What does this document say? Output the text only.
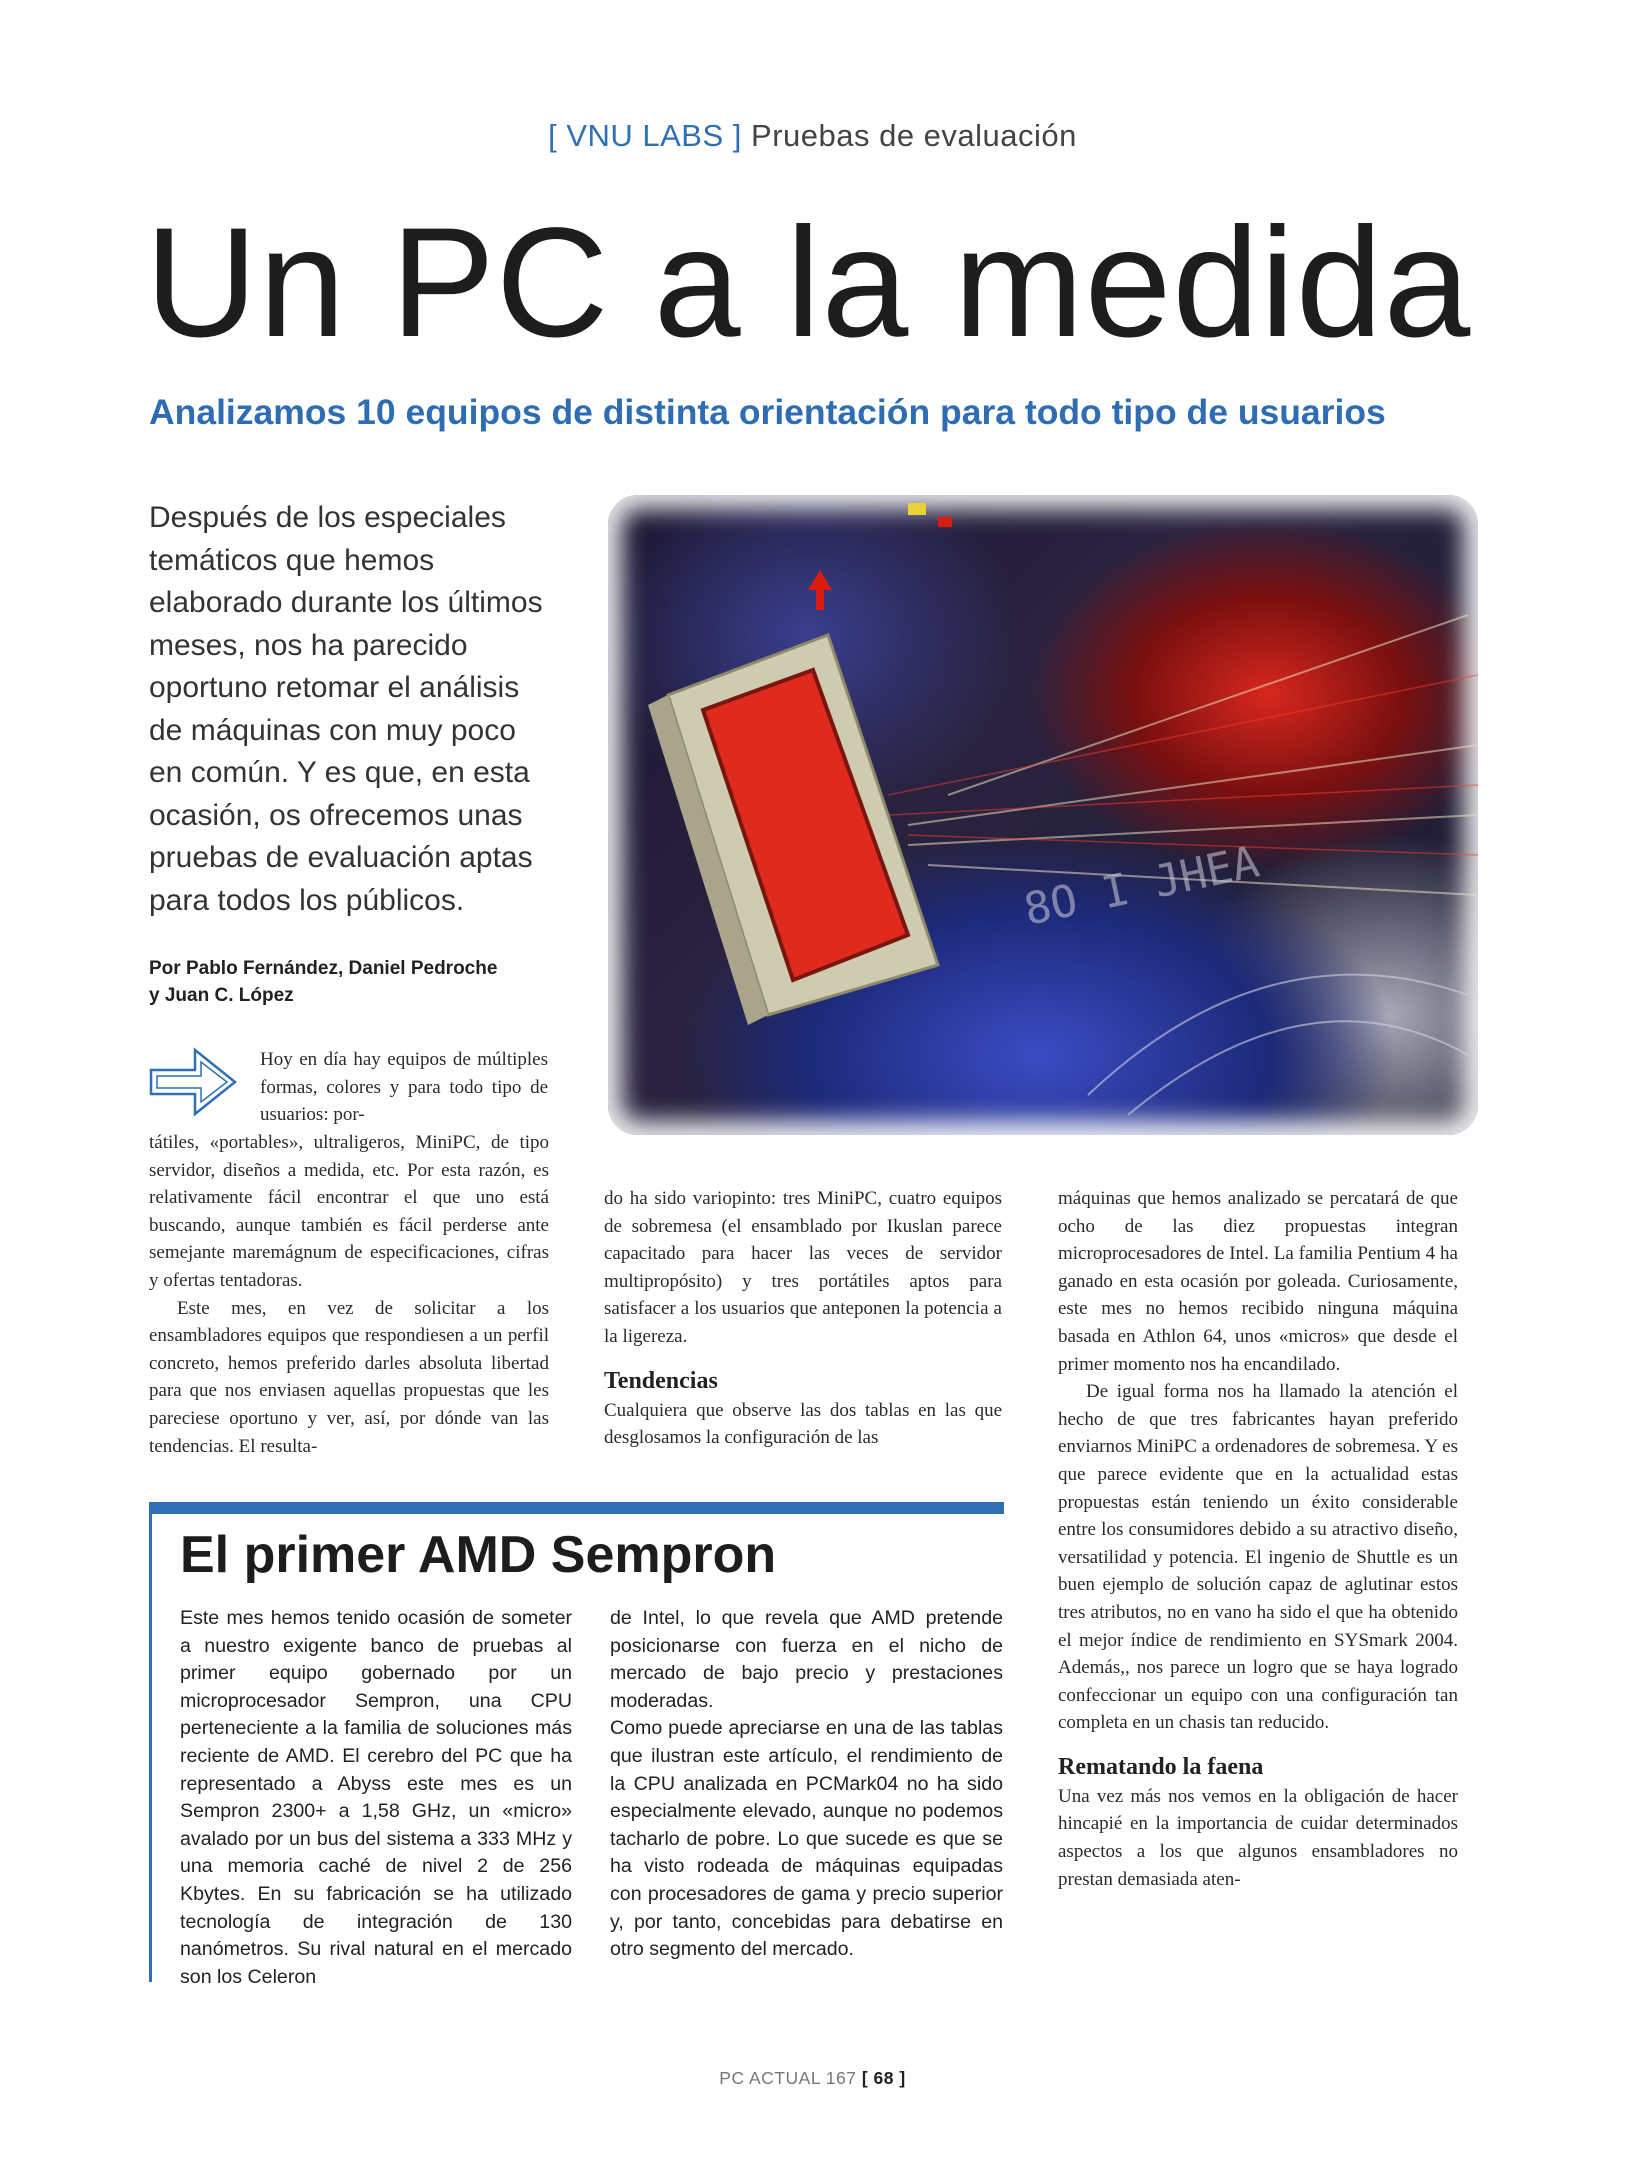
[ VNU LABS ] Pruebas de evaluación
Un PC a la medida
Analizamos 10 equipos de distinta orientación para todo tipo de usuarios
Después de los especiales temáticos que hemos elaborado durante los últimos meses, nos ha parecido oportuno retomar el análisis de máquinas con muy poco en común. Y es que, en esta ocasión, os ofrecemos unas pruebas de evaluación aptas para todos los públicos.
Por Pablo Fernández, Daniel Pedroche
y Juan C. López
8O I JHEA

Hoy en día hay equipos de múltiples formas, colores y para todo tipo de usuarios: por-

tátiles, «portables», ultraligeros, MiniPC, de tipo servidor, diseños a medida, etc. Por esta razón, es relativamente fácil encontrar el que uno está buscando, aunque también es fácil perderse ante semejante maremágnum de especificaciones, cifras y ofertas tentadoras.

Este mes, en vez de solicitar a los ensambladores equipos que respondiesen a un perfil concreto, hemos preferido darles absoluta libertad para que nos enviasen aquellas propuestas que les pareciese oportuno y ver, así, por dónde van las tendencias. El resulta-

do ha sido variopinto: tres MiniPC, cuatro equipos de sobremesa (el ensamblado por Ikuslan parece capacitado para hacer las veces de servidor multipropósito) y tres portátiles aptos para satisfacer a los usuarios que anteponen la potencia a la ligereza.

Tendencias

Cualquiera que observe las dos tablas en las que desglosamos la configuración de las

máquinas que hemos analizado se percatará de que ocho de las diez propuestas integran microprocesadores de Intel. La familia Pentium 4 ha ganado en esta ocasión por goleada. Curiosamente, este mes no hemos recibido ninguna máquina basada en Athlon 64, unos «micros» que desde el primer momento nos ha encandilado.

De igual forma nos ha llamado la atención el hecho de que tres fabricantes hayan preferido enviarnos MiniPC a ordenadores de sobremesa. Y es que parece evidente que en la actualidad estas propuestas están teniendo un éxito considerable entre los consumidores debido a su atractivo diseño, versatilidad y potencia. El ingenio de Shuttle es un buen ejemplo de solución capaz de aglutinar estos tres atributos, no en vano ha sido el que ha obtenido el mejor índice de rendimiento en SYSmark 2004. Además,, nos parece un logro que se haya logrado confeccionar un equipo con una configuración tan completa en un chasis tan reducido.

Rematando la faena

Una vez más nos vemos en la obligación de hacer hincapié en la importancia de cuidar determinados aspectos a los que algunos ensambladores no prestan demasiada aten-

El primer AMD Sempron

Este mes hemos tenido ocasión de someter a nuestro exigente banco de pruebas al primer equipo gobernado por un microprocesador Sempron, una CPU perteneciente a la familia de soluciones más reciente de AMD. El cerebro del PC que ha representado a Abyss este mes es un Sempron 2300+ a 1,58 GHz, un «micro» avalado por un bus del sistema a 333 MHz y una memoria caché de nivel 2 de 256 Kbytes. En su fabricación se ha utilizado tecnología de integración de 130 nanómetros. Su rival natural en el mercado son los Celeron

de Intel, lo que revela que AMD pretende posicionarse con fuerza en el nicho de mercado de bajo precio y prestaciones moderadas.

Como puede apreciarse en una de las tablas que ilustran este artículo, el rendimiento de la CPU analizada en PCMark04 no ha sido especialmente elevado, aunque no podemos tacharlo de pobre. Lo que sucede es que se ha visto rodeada de máquinas equipadas con procesadores de gama y precio superior y, por tanto, concebidas para debatirse en otro segmento del mercado.

PC ACTUAL 167 [ 68 ]
